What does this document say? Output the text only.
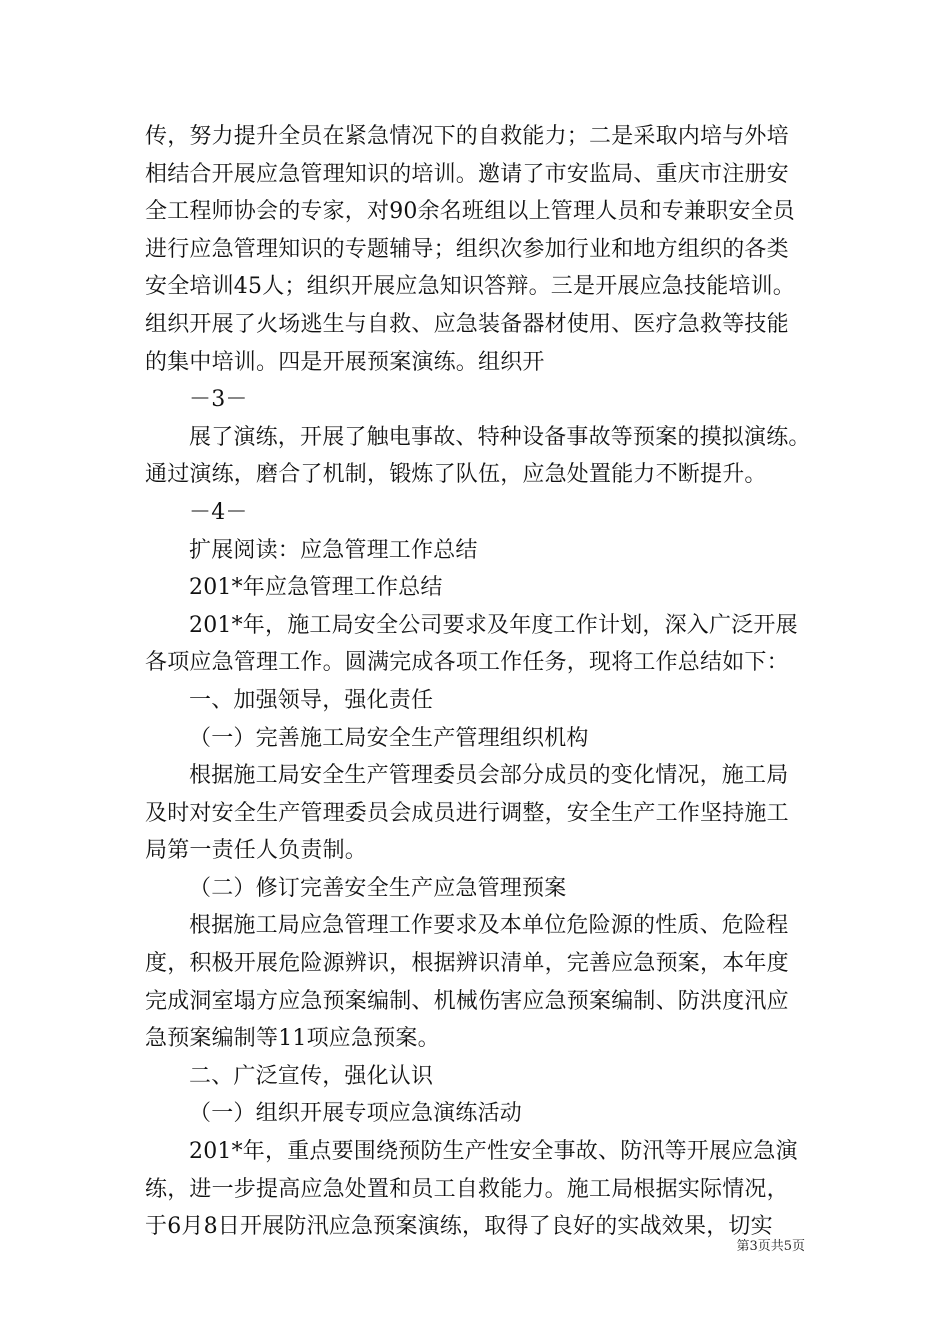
传，努力提升全员在紧急情况下的自救能力；二是采取内培与外培
相结合开展应急管理知识的培训。邀请了市安监局、重庆市注册安
全工程师协会的专家，对90余名班组以上管理人员和专兼职安全员
进行应急管理知识的专题辅导；组织次参加行业和地方组织的各类
安全培训45人；组织开展应急知识答辩。三是开展应急技能培训。
组织开展了火场逃生与自救、应急装备器材使用、医疗急救等技能
的集中培训。四是开展预案演练。组织开
－3－
展了演练，开展了触电事故、特种设备事故等预案的摸拟演练。
通过演练，磨合了机制，锻炼了队伍，应急处置能力不断提升。
－4－
扩展阅读：应急管理工作总结
201*年应急管理工作总结
201*年，施工局安全公司要求及年度工作计划，深入广泛开展
各项应急管理工作。圆满完成各项工作任务，现将工作总结如下：
一、加强领导，强化责任
（一）完善施工局安全生产管理组织机构
根据施工局安全生产管理委员会部分成员的变化情况，施工局
及时对安全生产管理委员会成员进行调整，安全生产工作坚持施工
局第一责任人负责制。
（二）修订完善安全生产应急管理预案
根据施工局应急管理工作要求及本单位危险源的性质、危险程
度，积极开展危险源辨识，根据辨识清单，完善应急预案，本年度
完成洞室塌方应急预案编制、机械伤害应急预案编制、防洪度汛应
急预案编制等11项应急预案。
二、广泛宣传，强化认识
（一）组织开展专项应急演练活动
201*年，重点要围绕预防生产性安全事故、防汛等开展应急演
练，进一步提高应急处置和员工自救能力。施工局根据实际情况，
于6月8日开展防汛应急预案演练，取得了良好的实战效果，切实
第3页共5页
